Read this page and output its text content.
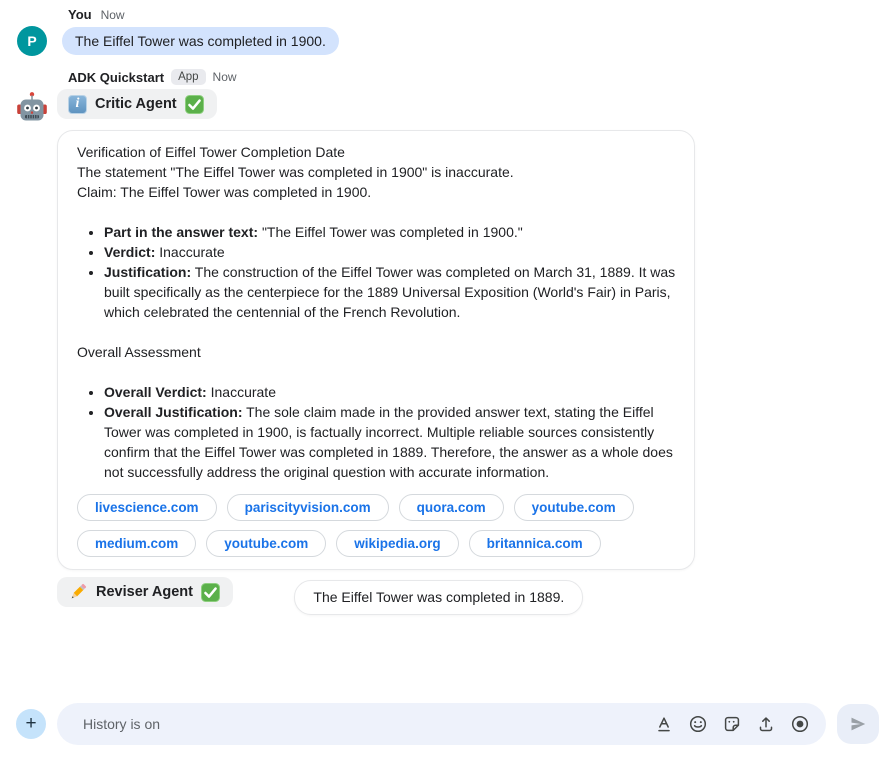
You Now
P	The Eiffel Tower was completed in 1900.
ADK Quickstart	App	Now
i	Critic Agent
Verification of Eiffel Tower Completion Date
The statement "The Eiffel Tower was completed in 1900" is inaccurate.
Claim: The Eiffel Tower was completed in 1900.
• Part in the answer text: "The Eiffel Tower was completed in 1900."
• Verdict: Inaccurate
• Justification: The construction of the Eiffel Tower was completed on March 31, 1889. It was built specifically as the centerpiece for the 1889 Universal Exposition (World's Fair) in Paris, which celebrated the centennial of the French Revolution.
Overall Assessment
• Overall Verdict: Inaccurate
• Overall Justification: The sole claim made in the provided answer text, stating the Eiffel Tower was completed in 1900, is factually incorrect. Multiple reliable sources consistently confirm that the Eiffel Tower was completed in 1889. Therefore, the answer as a whole does not successfully address the original question with accurate information.
livescience.com	pariscityvision.com	quora.com	youtube.com
medium.com	youtube.com	wikipedia.org	britannica.com
Reviser Agent	The Eiffel Tower was completed in 1889.
+
History is on
